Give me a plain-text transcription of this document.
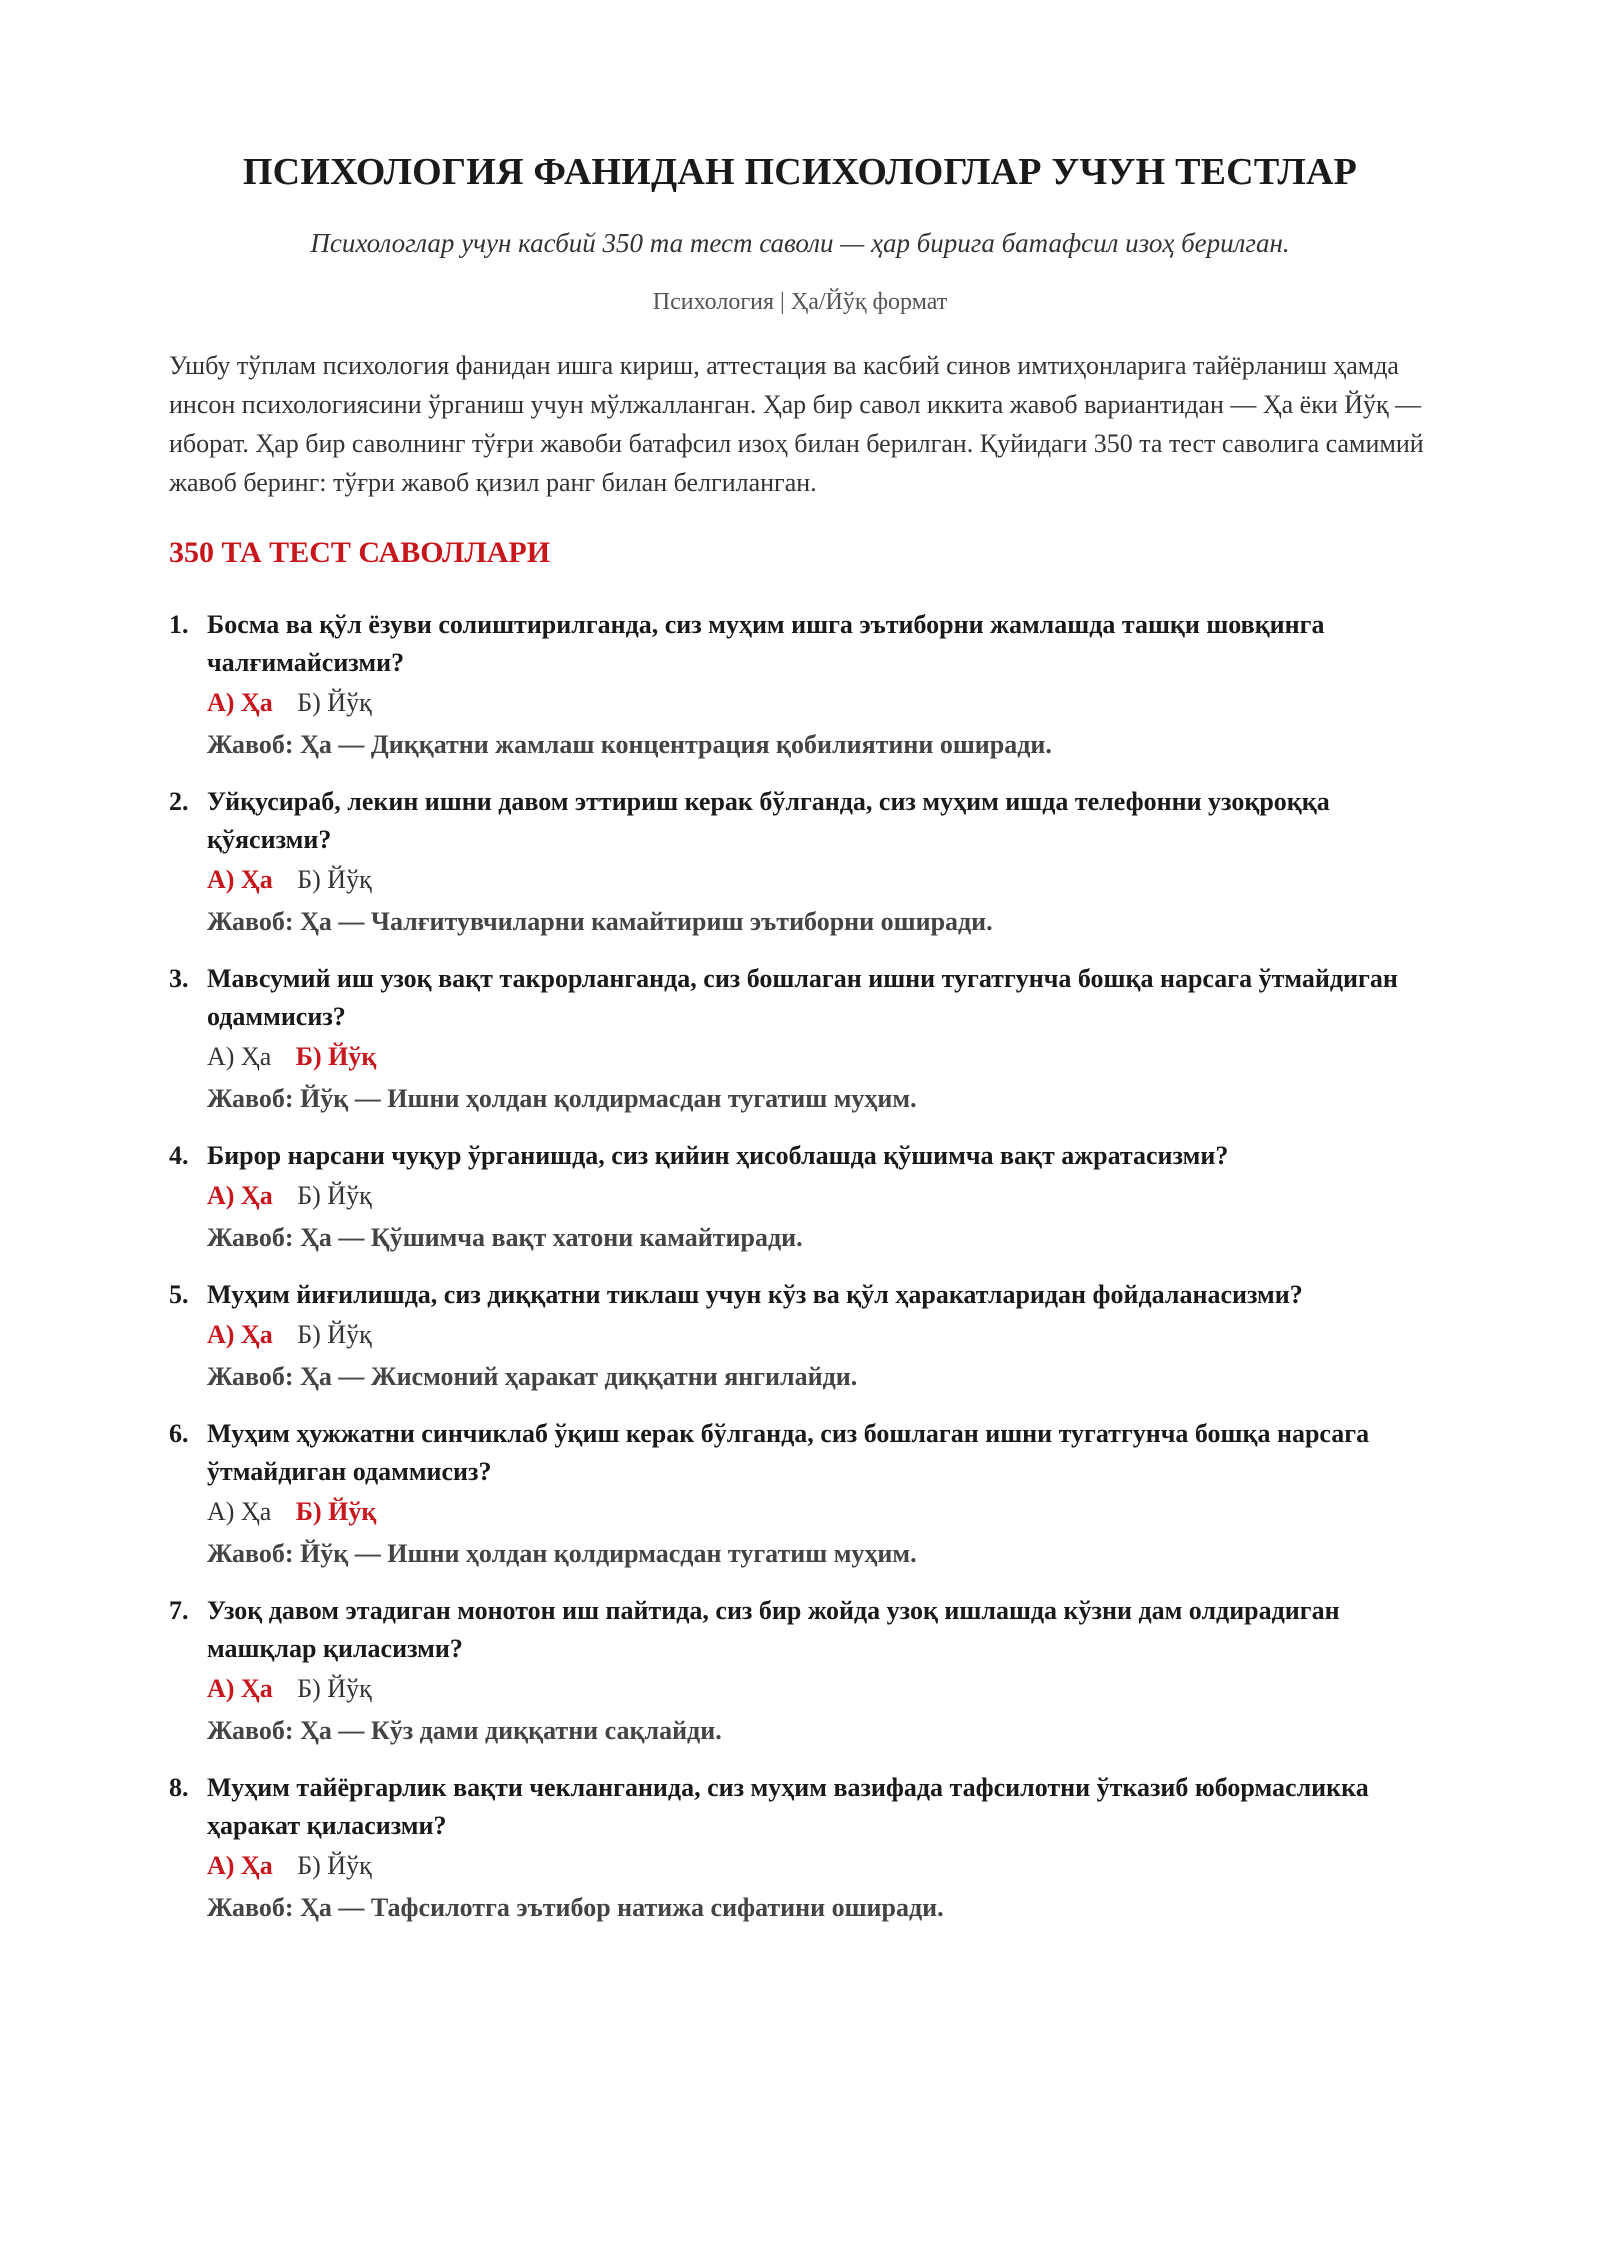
ПСИХОЛОГИЯ ФАНИДАН ПСИХОЛОГЛАР УЧУН ТЕСТЛАР

Психологлар учун касбий 350 та тест саволи — ҳар бирига батафсил изоҳ берилган.

Психология | Ҳа/Йўқ формат

Ушбу тўплам психология фанидан ишга кириш, аттестация ва касбий синов имтиҳонларига тайёрланиш ҳамда инсон психологиясини ўрганиш учун мўлжалланган. Ҳар бир савол иккита жавоб вариантидан — Ҳа ёки Йўқ — иборат. Ҳар бир саволнинг тўғри жавоби батафсил изоҳ билан берилган. Қуйидаги 350 та тест саволига самимий жавоб беринг: тўғри жавоб қизил ранг билан белгиланган.

350 ТА ТЕСТ САВОЛЛАРИ
1. Босма ва қўл ёзуви солиштирилганда, сиз муҳим ишга эътиборни жамлашда ташқи шовқинга чалғимайсизми?
А) Ҳа Б) Йўқ
Жавоб: Ҳа — Диққатни жамлаш концентрация қобилиятини оширади.
2. Уйқусираб, лекин ишни давом эттириш керак бўлганда, сиз муҳим ишда телефонни узоқроққа қўясизми?
А) Ҳа Б) Йўқ
Жавоб: Ҳа — Чалғитувчиларни камайтириш эътиборни оширади.
3. Мавсумий иш узоқ вақт такрорланганда, сиз бошлаган ишни тугатгунча бошқа нарсага ўтмайдиган одаммисиз?
А) Ҳа Б) Йўқ
Жавоб: Йўқ — Ишни ҳолдан қолдирмасдан тугатиш муҳим.
4. Бирор нарсани чуқур ўрганишда, сиз қийин ҳисоблашда қўшимча вақт ажратасизми?
А) Ҳа Б) Йўқ
Жавоб: Ҳа — Қўшимча вақт хатони камайтиради.
5. Муҳим йиғилишда, сиз диққатни тиклаш учун кўз ва қўл ҳаракатларидан фойдаланасизми?
А) Ҳа Б) Йўқ
Жавоб: Ҳа — Жисмоний ҳаракат диққатни янгилайди.
6. Муҳим ҳужжатни синчиклаб ўқиш керак бўлганда, сиз бошлаган ишни тугатгунча бошқа нарсага ўтмайдиган одаммисиз?
А) Ҳа Б) Йўқ
Жавоб: Йўқ — Ишни ҳолдан қолдирмасдан тугатиш муҳим.
7. Узоқ давом этадиган монотон иш пайтида, сиз бир жойда узоқ ишлашда кўзни дам олдирадиган машқлар қиласизми?
А) Ҳа Б) Йўқ
Жавоб: Ҳа — Кўз дами диққатни сақлайди.
8. Муҳим тайёргарлик вақти чекланганида, сиз муҳим вазифада тафсилотни ўтказиб юбормасликка ҳаракат қиласизми?
А) Ҳа Б) Йўқ
Жавоб: Ҳа — Тафсилотга эътибор натижа сифатини оширади.
